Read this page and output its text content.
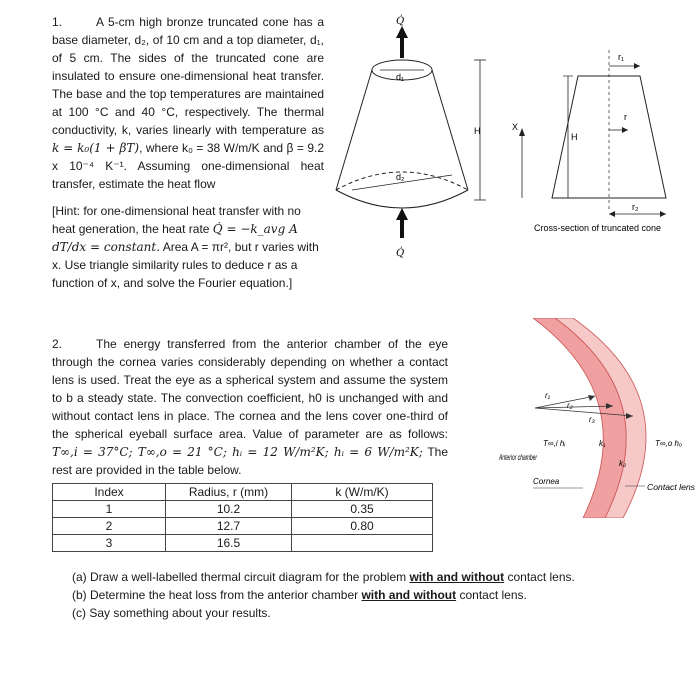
1.	A 5-cm high bronze truncated cone has a base diameter, d₂, of 10 cm and a top diameter, d₁, of 5 cm. The sides of the truncated cone are insulated to ensure one-dimensional heat transfer. The base and the top temperatures are maintained at 100 °C and 40 °C, respectively. The thermal conductivity, k, varies linearly with temperature as k = k₀(1 + βT), where k₀ = 38 W/m/K and β = 9.2 x 10⁻⁴ K⁻¹. Assuming one-dimensional heat transfer, estimate the heat flow
[Hint: for one-dimensional heat transfer with no heat generation, the heat rate Q̇ = −k_avg A dT/dx = constant. Area A = πr², but r varies with x. Use triangle similarity rules to deduce r as a function of x, and solve the Fourier equation.]
Q̇
Q̇
d₁
d₂
H	X
H
r
r₁
r₂
Cross-section of truncated cone
2.	The energy transferred from the anterior chamber of the eye through the cornea varies considerably depending on whether a contact lens is used. Treat the eye as a spherical system and assume the system to b a steady state. The convection coefficient, h0 is unchanged with and without contact lens in place. The cornea and the lens cover one-third of the spherical eyeball surface area. Value of parameter are as follows: T∞,i = 37°C; T∞,o = 21 °C; hᵢ = 12 W/m²K; hᵢ = 6 W/m²K; The rest are provided in the table below.
Index	Radius, r (mm)	k (W/m/K)
1	10.2	0.35
2	12.7	0.80
3	16.5	
r₁
r₂
r₃
T∞,i hᵢ	T∞,o hₒ
k₁
k₂
Anterior chamber
Cornea
Contact lens
(a) Draw a well-labelled thermal circuit diagram for the problem with and without contact lens.
(b) Determine the heat loss from the anterior chamber with and without contact lens.
(c) Say something about your results.
